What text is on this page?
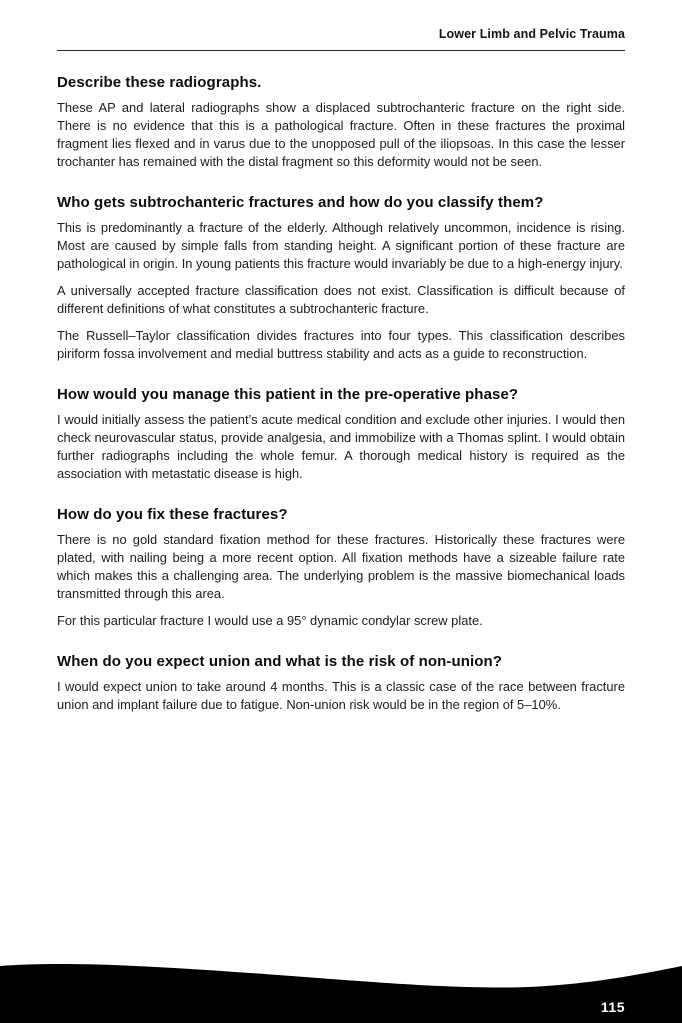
Lower Limb and Pelvic Trauma
Describe these radiographs.

These AP and lateral radiographs show a displaced subtrochanteric fracture on the right side. There is no evidence that this is a pathological fracture. Often in these fractures the proximal fragment lies flexed and in varus due to the unopposed pull of the iliopsoas. In this case the lesser trochanter has remained with the distal fragment so this deformity would not be seen.

Who gets subtrochanteric fractures and how do you classify them?

This is predominantly a fracture of the elderly. Although relatively uncommon, incidence is rising. Most are caused by simple falls from standing height. A significant portion of these fracture are pathological in origin. In young patients this fracture would invariably be due to a high-energy injury.

A universally accepted fracture classification does not exist. Classification is difficult because of different definitions of what constitutes a subtrochanteric fracture.

The Russell–Taylor classification divides fractures into four types. This classification describes piriform fossa involvement and medial buttress stability and acts as a guide to reconstruction.

How would you manage this patient in the pre-operative phase?

I would initially assess the patient’s acute medical condition and exclude other injuries. I would then check neurovascular status, provide analgesia, and immobilize with a Thomas splint. I would obtain further radiographs including the whole femur. A thorough medical history is required as the association with metastatic disease is high.

How do you fix these fractures?

There is no gold standard fixation method for these fractures. Historically these fractures were plated, with nailing being a more recent option. All fixation methods have a sizeable failure rate which makes this a challenging area. The underlying problem is the massive biomechanical loads transmitted through this area.

For this particular fracture I would use a 95° dynamic condylar screw plate.

When do you expect union and what is the risk of non-union?

I would expect union to take around 4 months. This is a classic case of the race between fracture union and implant failure due to fatigue. Non-union risk would be in the region of 5–10%.

115
